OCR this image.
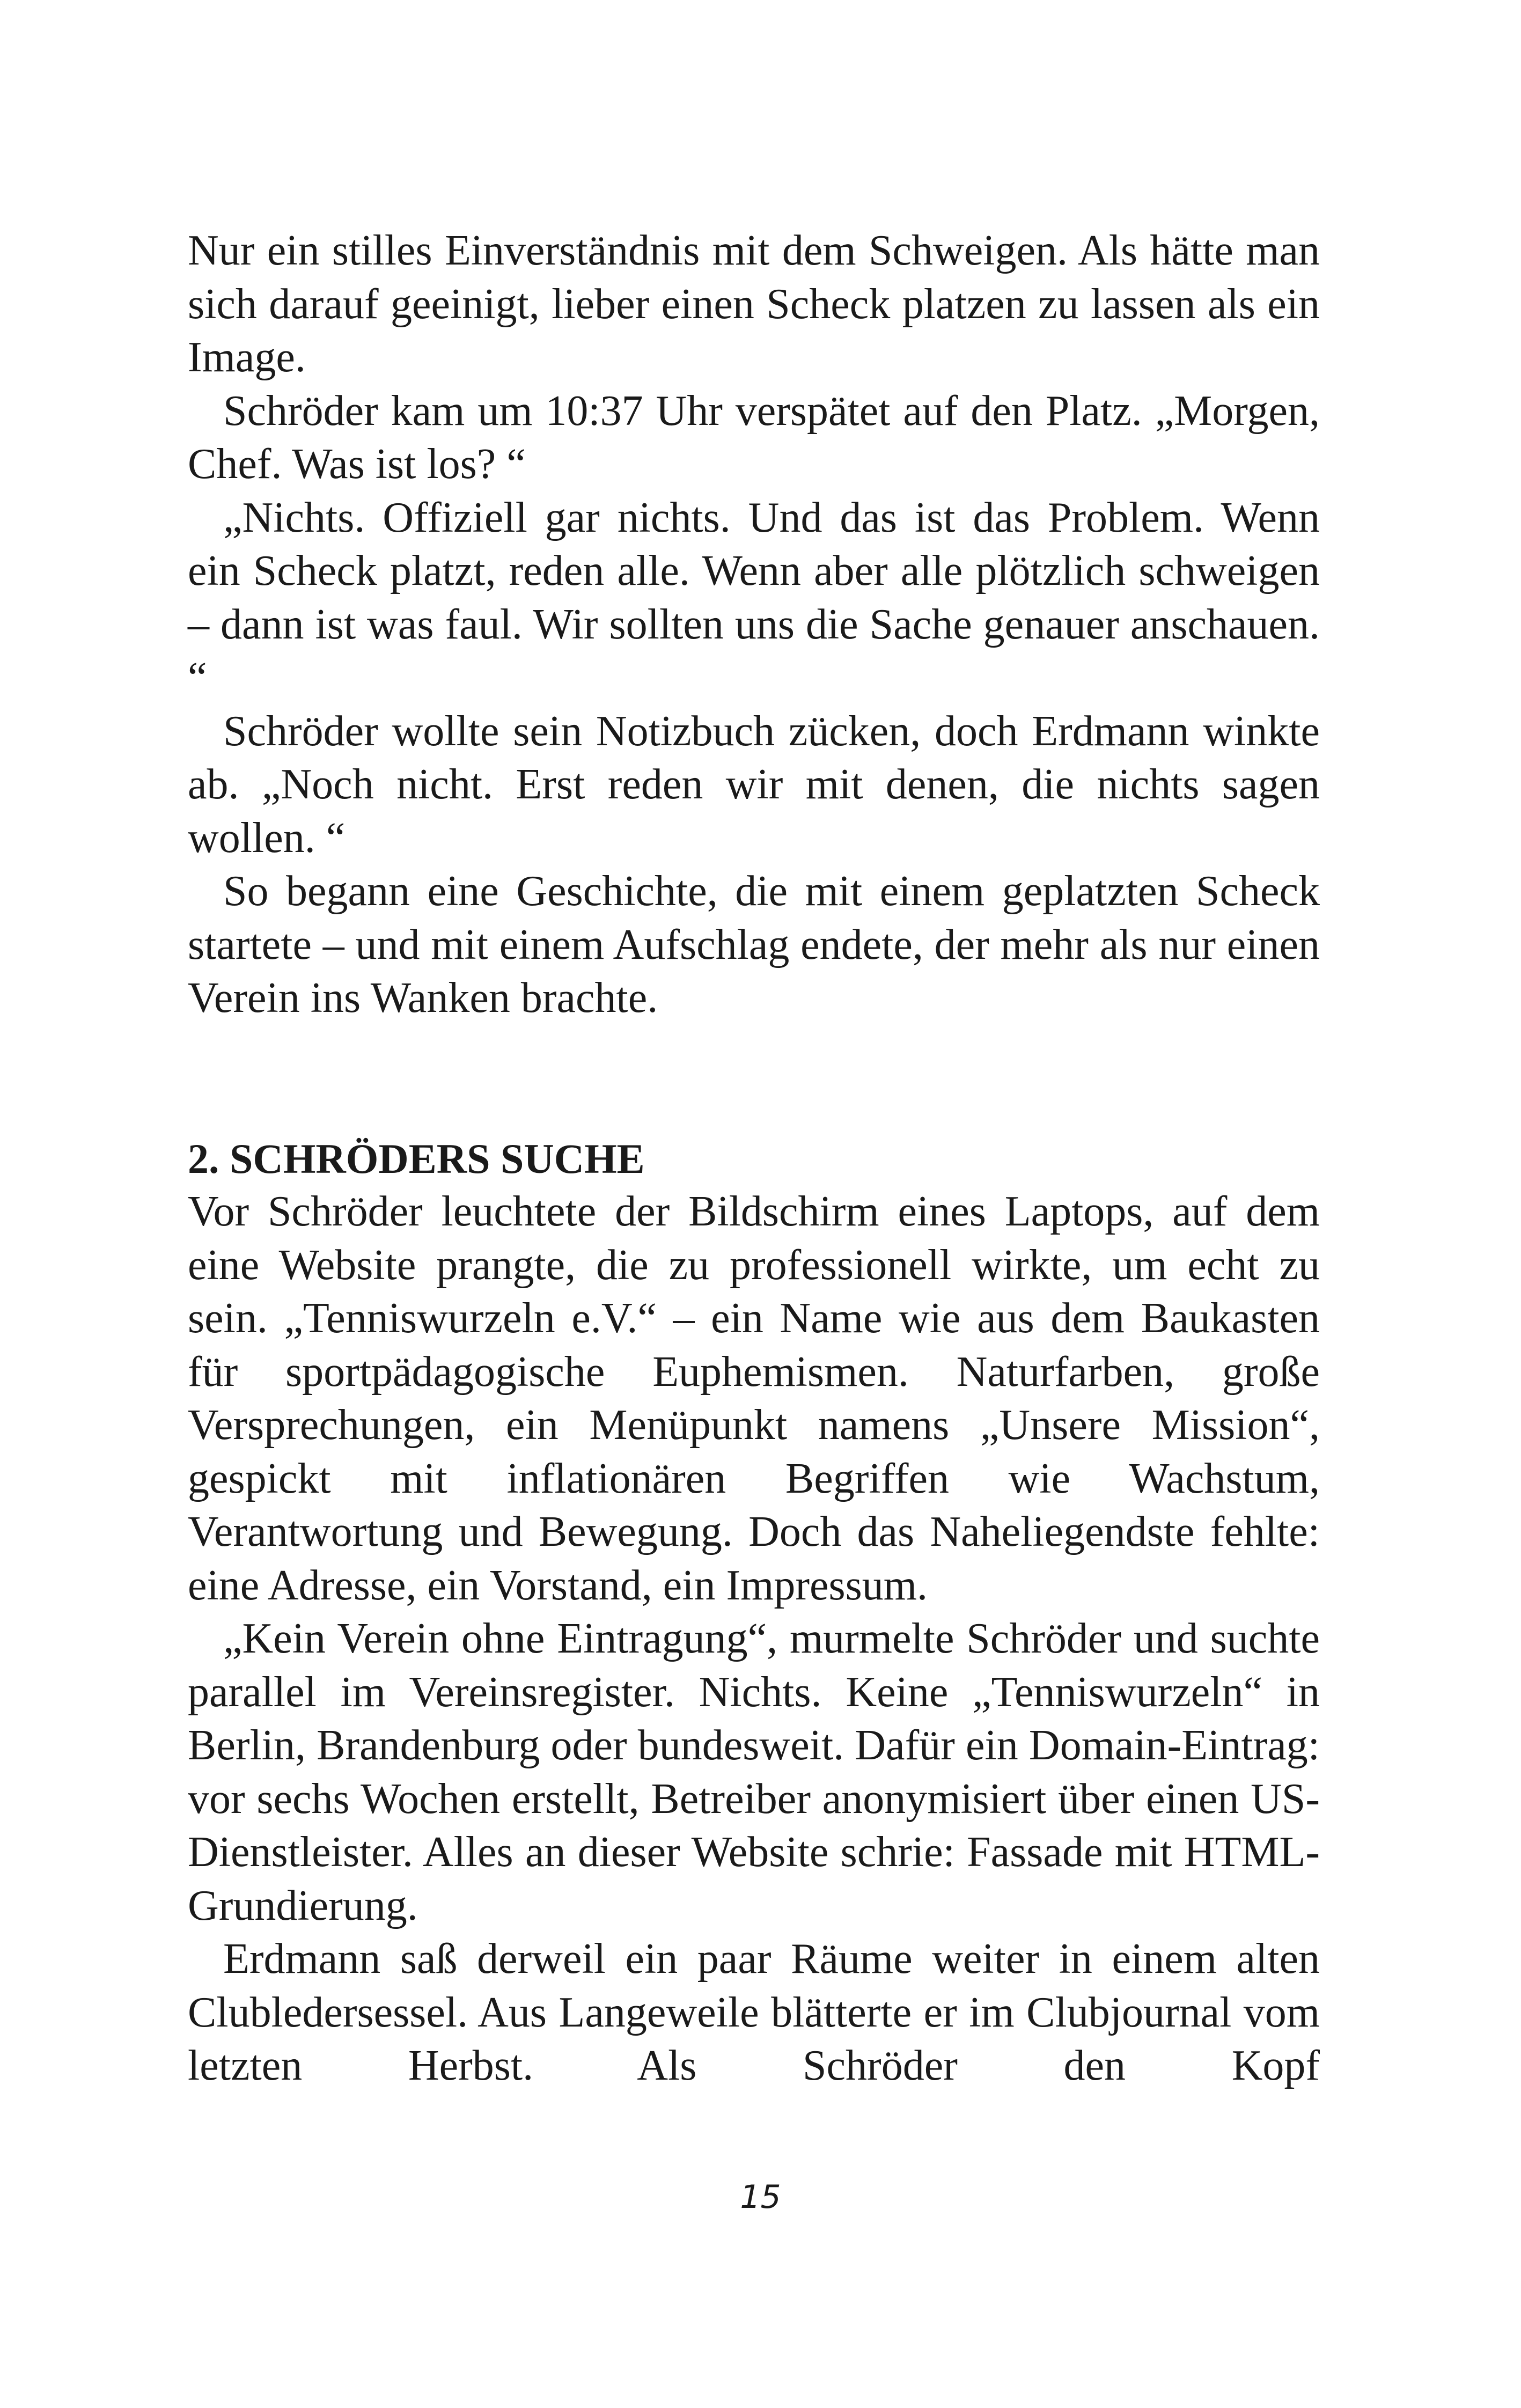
Nur ein stilles Einverständnis mit dem Schweigen. Als hätte man sich darauf geeinigt, lieber einen Scheck platzen zu lassen als ein Image.

Schröder kam um 10:37 Uhr verspätet auf den Platz. „Morgen, Chef. Was ist los? “

„Nichts. Offiziell gar nichts. Und das ist das Problem. Wenn ein Scheck platzt, reden alle. Wenn aber alle plötzlich schweigen – dann ist was faul. Wir sollten uns die Sache genauer anschauen. “

Schröder wollte sein Notizbuch zücken, doch Erdmann winkte ab. „Noch nicht. Erst reden wir mit denen, die nichts sagen wollen. “

So begann eine Geschichte, die mit einem geplatzten Scheck startete – und mit einem Aufschlag endete, der mehr als nur einen Verein ins Wanken brachte.

2. SCHRÖDERS SUCHE

Vor Schröder leuchtete der Bildschirm eines Laptops, auf dem eine Website prangte, die zu professionell wirkte, um echt zu sein. „Tenniswurzeln e.V.“ – ein Name wie aus dem Baukasten für sportpädagogische Euphemismen. Naturfarben, große Versprechungen, ein Menüpunkt namens „Unsere Mission“, gespickt mit inflationären Begriffen wie Wachstum, Verantwortung und Bewegung. Doch das Naheliegendste fehlte: eine Adresse, ein Vorstand, ein Impressum.

„Kein Verein ohne Eintragung“, murmelte Schröder und suchte parallel im Vereinsregister. Nichts. Keine „Tenniswurzeln“ in Berlin, Brandenburg oder bundesweit. Dafür ein Domain-Eintrag: vor sechs Wochen erstellt, Betreiber anonymisiert über einen US-Dienstleister. Alles an dieser Website schrie: Fassade mit HTML-Grundierung.

Erdmann saß derweil ein paar Räume weiter in einem alten Clubledersessel. Aus Langeweile blätterte er im Clubjournal vom letzten Herbst. Als Schröder den Kopf

15
